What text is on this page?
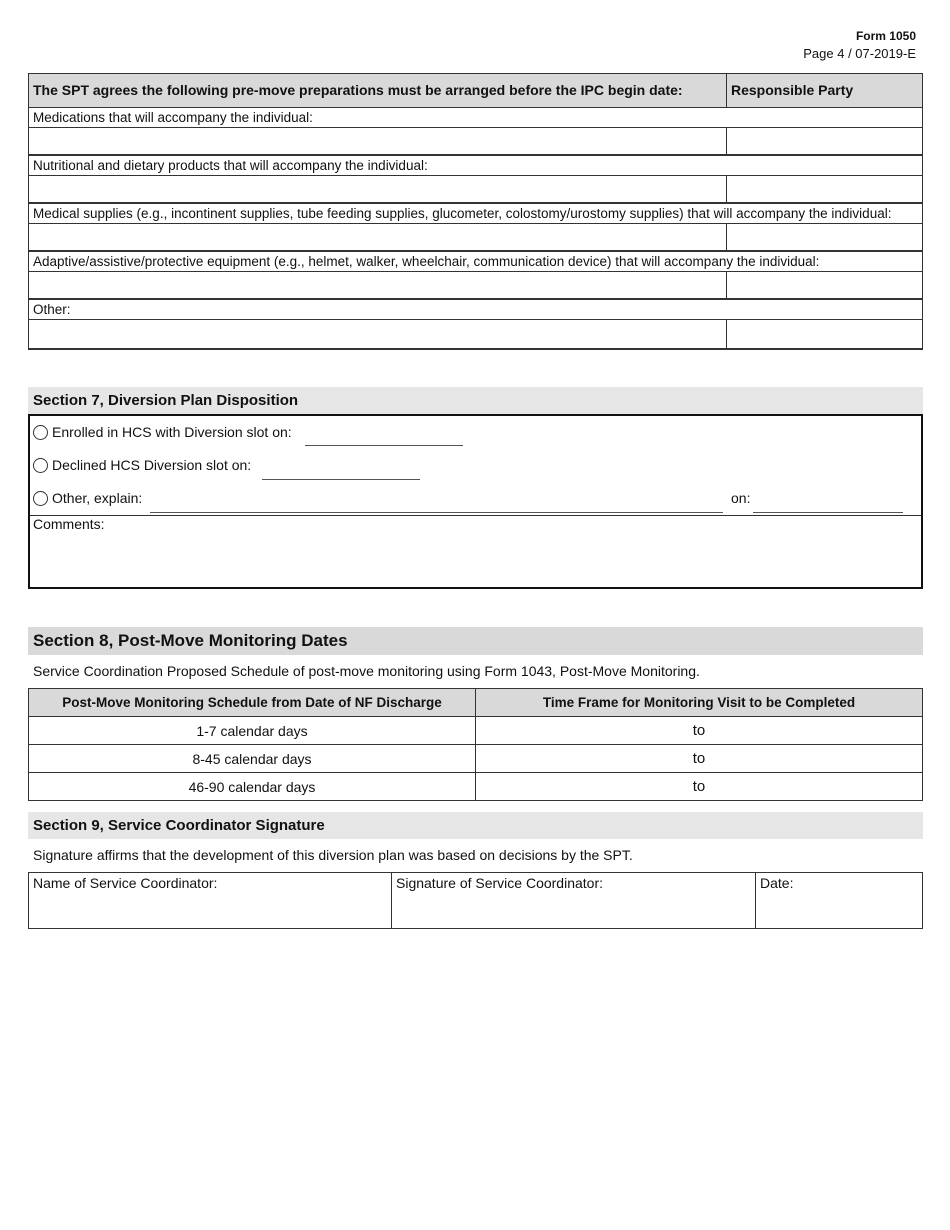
Form 1050
Page 4 / 07-2019-E
The SPT agrees the following pre-move preparations must be arranged before the IPC begin date:	Responsible Party
Medications that will accompany the individual:
Nutritional and dietary products that will accompany the individual:
Medical supplies (e.g., incontinent supplies, tube feeding supplies, glucometer, colostomy/urostomy supplies) that will accompany the individual:
Adaptive/assistive/protective equipment (e.g., helmet, walker, wheelchair, communication device) that will accompany the individual:
Other:
Section 7, Diversion Plan Disposition
Enrolled in HCS with Diversion slot on:
Declined HCS Diversion slot on:
Other, explain:	on:
Comments:
Section 8, Post-Move Monitoring Dates
Service Coordination Proposed Schedule of post-move monitoring using Form 1043, Post-Move Monitoring.
Post-Move Monitoring Schedule from Date of NF Discharge	Time Frame for Monitoring Visit to be Completed
1-7 calendar days	to
8-45 calendar days	to
46-90 calendar days	to
Section 9, Service Coordinator Signature
Signature affirms that the development of this diversion plan was based on decisions by the SPT.
Name of Service Coordinator:	Signature of Service Coordinator:	Date:
